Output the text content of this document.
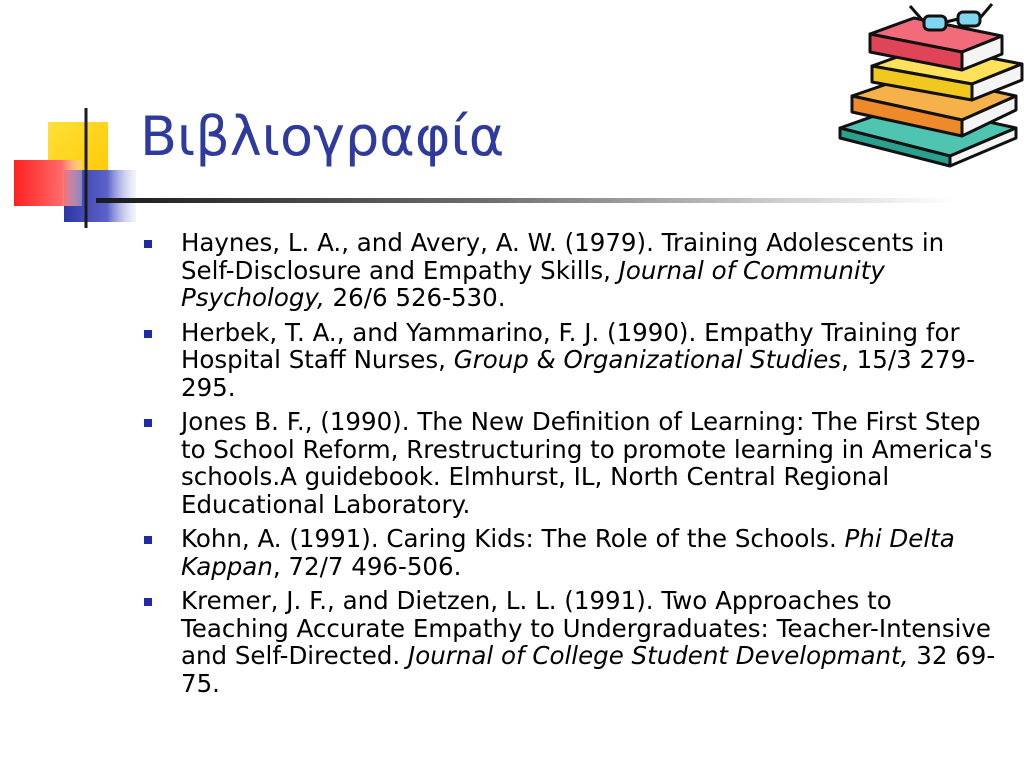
Βιβλιογραφία
Haynes, L. A., and Avery, A. W. (1979). Training Adolescents in Self-Disclosure and Empathy Skills, Journal of Community Psychology, 26/6 526-530.
Herbek, T. A., and Yammarino, F. J. (1990). Empathy Training for Hospital Staff Nurses, Group & Organizational Studies, 15/3 279-295.
Jones B. F., (1990). The New Definition of Learning: The First Step to School Reform, Rrestructuring to promote learning in America's schools.A guidebook. Elmhurst, IL, North Central Regional Educational Laboratory.
Kohn, A. (1991). Caring Kids: The Role of the Schools. Phi Delta Kappan, 72/7 496-506.
Kremer, J. F., and Dietzen, L. L. (1991). Two Approaches to Teaching Accurate Empathy to Undergraduates: Teacher-Intensive and Self-Directed. Journal of College Student Developmant, 32 69- 75.
